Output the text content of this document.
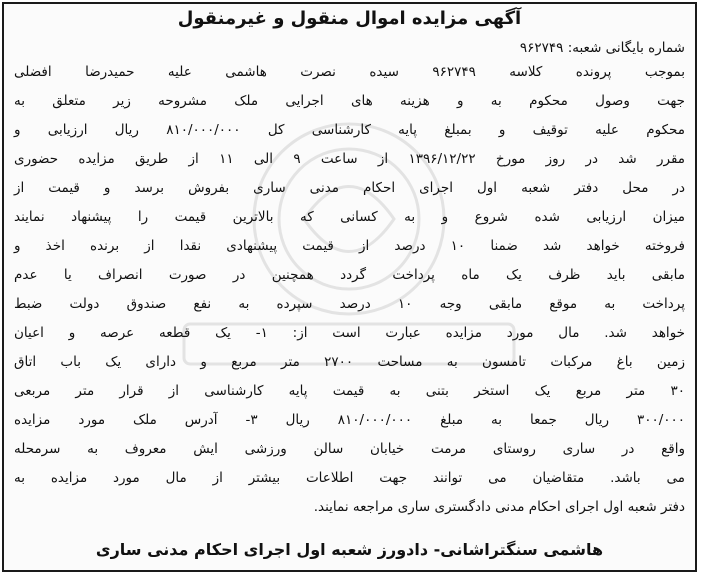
آگهی مزایده اموال منقول و غیرمنقول
شماره بایگانی شعبه: ۹۶۲۷۴۹
بموجب پرونده کلاسه ۹۶۲۷۴۹ سیده نصرت هاشمی علیه حمیدرضا افضلی
جهت وصول محکوم به و هزینه های اجرایی ملک مشروحه زیر متعلق به
محکوم علیه توقیف و بمبلغ پایه کارشناسی کل ۸۱۰/۰۰۰/۰۰۰ ریال ارزیابی و
مقرر شد در روز مورخ ۱۳۹۶/۱۲/۲۲ از ساعت ۹ الی ۱۱ از طریق مزایده حضوری
در محل دفتر شعبه اول اجرای احکام مدنی ساری بفروش برسد و قیمت از
میزان ارزیابی شده شروع و به کسانی که بالاترین قیمت را پیشنهاد نمایند
فروخته خواهد شد ضمنا ۱۰ درصد از قیمت پیشنهادی نقدا از برنده اخذ و
مابقی باید ظرف یک ماه پرداخت گردد همچنین در صورت انصراف یا عدم
پرداخت به موقع مابقی وجه ۱۰ درصد سپرده به نفع صندوق دولت ضبط
خواهد شد. مال مورد مزایده عبارت است از: ۱- یک قطعه عرصه و اعیان
زمین باغ مرکبات تامسون به مساحت ۲۷۰۰ متر مربع و دارای یک باب اتاق
۳۰ متر مربع یک استخر بتنی به قیمت پایه کارشناسی از قرار متر مربعی
۳۰۰/۰۰۰ ریال جمعا به مبلغ ۸۱۰/۰۰۰/۰۰۰ ریال ۳- آدرس ملک مورد مزایده
واقع در ساری روستای مرمت خیابان سالن ورزشی ایش معروف به سرمحله
می باشد. متقاضیان می توانند جهت اطلاعات بیشتر از مال مورد مزایده به
دفتر شعبه اول اجرای احکام مدنی دادگستری ساری مراجعه نمایند.
هاشمی سنگتراشانی- دادورز شعبه اول اجرای احکام مدنی ساری
